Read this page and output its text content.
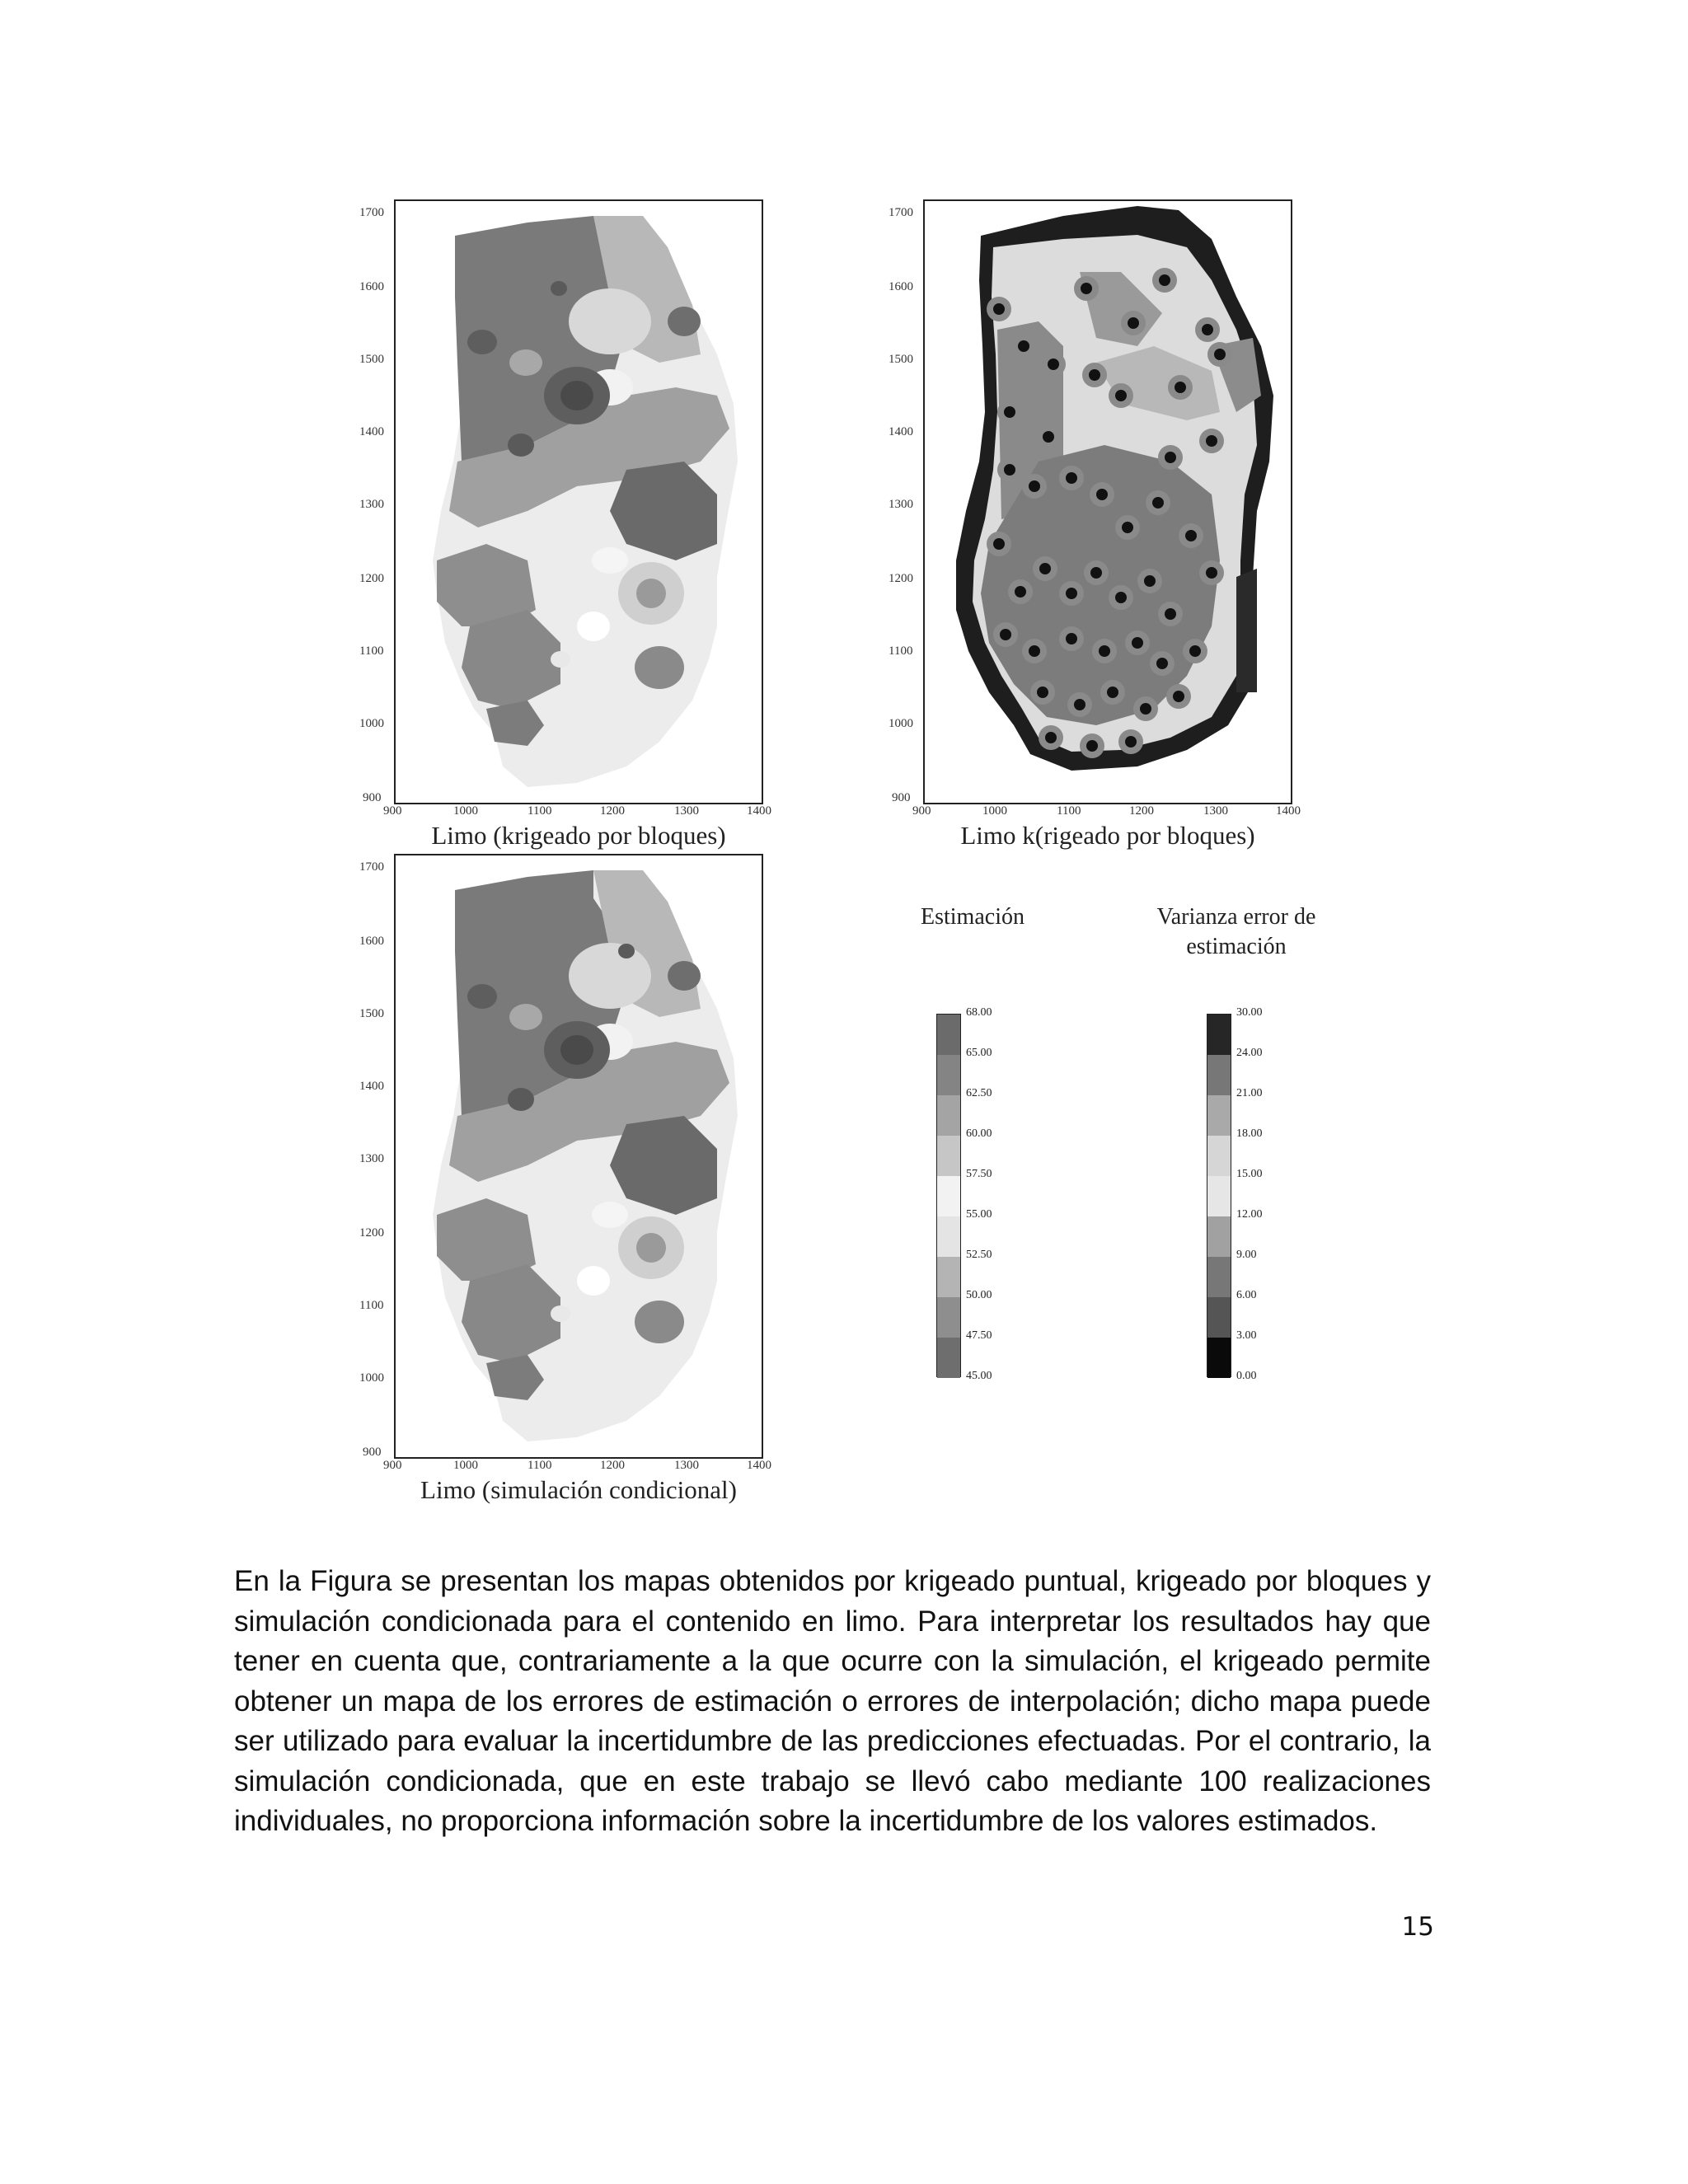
1700
1600
1500
1400
1300
1200
1100
1000
900
900	1000	1100	1200	1300	1400
Limo (krigeado por bloques)
1700
1600
1500
1400
1300
1200
1100
1000
900
900	1000	1100	1200	1300	1400
Limo k(rigeado por bloques)
1700
1600
1500
1400
1300
1200
1100
1000
900
900	1000	1100	1200	1300	1400
Limo (simulación condicional)
Estimación
68.00
65.00
62.50
60.00
57.50
55.00
52.50
50.00
47.50
45.00
Varianza error de estimación
30.00
24.00
21.00
18.00
15.00
12.00
9.00
6.00
3.00
0.00

En la Figura se presentan los mapas obtenidos por krigeado puntual, krigeado por bloques y simulación condicionada para el contenido en limo. Para interpretar los resultados hay que tener en cuenta que, contrariamente a la que ocurre con la simulación, el krigeado permite obtener un mapa de los errores de estimación o errores de interpolación; dicho mapa puede ser utilizado para evaluar la incertidumbre de las predicciones efectuadas. Por el contrario, la simulación condicionada, que en este trabajo se llevó cabo mediante 100 realizaciones individuales, no proporciona información sobre la incertidumbre de los valores estimados.

15
